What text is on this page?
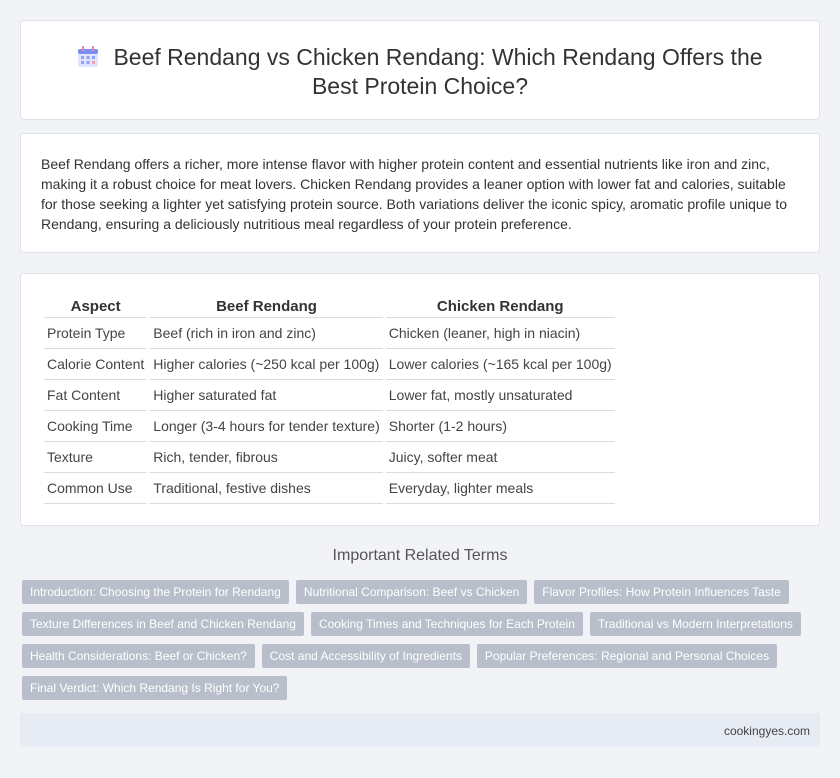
Beef Rendang vs Chicken Rendang: Which Rendang Offers the Best Protein Choice?

Beef Rendang offers a richer, more intense flavor with higher protein content and essential nutrients like iron and zinc, making it a robust choice for meat lovers. Chicken Rendang provides a leaner option with lower fat and calories, suitable for those seeking a lighter yet satisfying protein source. Both variations deliver the iconic spicy, aromatic profile unique to Rendang, ensuring a deliciously nutritious meal regardless of your protein preference.

Aspect	Beef Rendang	Chicken Rendang
Protein Type	Beef (rich in iron and zinc)	Chicken (leaner, high in niacin)
Calorie Content	Higher calories (~250 kcal per 100g)	Lower calories (~165 kcal per 100g)
Fat Content	Higher saturated fat	Lower fat, mostly unsaturated
Cooking Time	Longer (3-4 hours for tender texture)	Shorter (1-2 hours)
Texture	Rich, tender, fibrous	Juicy, softer meat
Common Use	Traditional, festive dishes	Everyday, lighter meals
Important Related Terms
Introduction: Choosing the Protein for Rendang Nutritional Comparison: Beef vs Chicken Flavor Profiles: How Protein Influences Taste
Texture Differences in Beef and Chicken Rendang Cooking Times and Techniques for Each Protein Traditional vs Modern Interpretations
Health Considerations: Beef or Chicken? Cost and Accessibility of Ingredients Popular Preferences: Regional and Personal Choices
Final Verdict: Which Rendang Is Right for You?
cookingyes.com
